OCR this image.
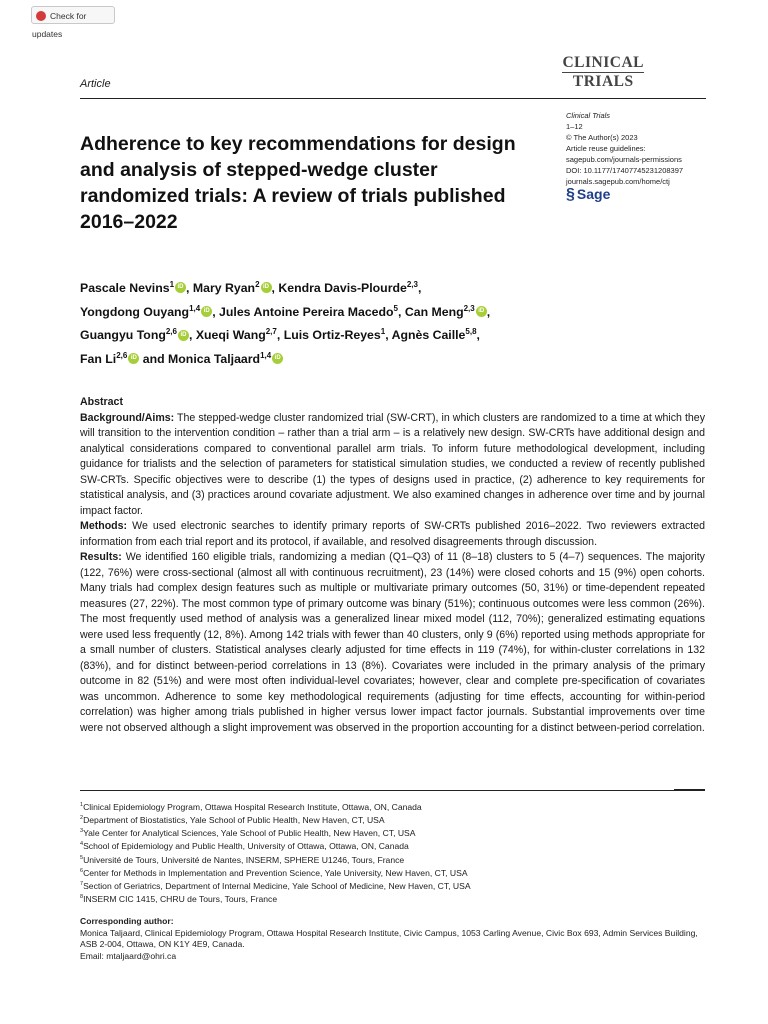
Check for updates
Article
CLINICAL
TRIALS
Clinical Trials
1–12
© The Author(s) 2023
Article reuse guidelines:
sagepub.com/journals-permissions
DOI: 10.1177/17407745231208397
journals.sagepub.com/home/ctj
§ Sage
Adherence to key recommendations for design and analysis of stepped-wedge cluster randomized trials: A review of trials published 2016–2022
Pascale Nevins$^1$ iD , Mary Ryan$^2$ iD , Kendra Davis-Plourde$^{2,3}$,
Yongdong Ouyang$^{1,4}$ iD , Jules Antoine Pereira Macedo$^5$, Can Meng$^{2,3}$ iD ,
Guangyu Tong$^{2,6}$ iD , Xueqi Wang$^{2,7}$, Luis Ortiz-Reyes$^1$, Agnès Caille$^{5,8}$,
Fan Li$^{2,6}$ iD and Monica Taljaard$^{1,4}$ iD

Abstract

Background/Aims: The stepped-wedge cluster randomized trial (SW-CRT), in which clusters are randomized to a time at which they will transition to the intervention condition – rather than a trial arm – is a relatively new design. SW-CRTs have additional design and analytical considerations compared to conventional parallel arm trials. To inform future methodological development, including guidance for trialists and the selection of parameters for statistical simulation studies, we conducted a review of recently published SW-CRTs. Specific objectives were to describe (1) the types of designs used in practice, (2) adherence to key requirements for statistical analysis, and (3) practices around covariate adjustment. We also examined changes in adherence over time and by journal impact factor.

Methods: We used electronic searches to identify primary reports of SW-CRTs published 2016–2022. Two reviewers extracted information from each trial report and its protocol, if available, and resolved disagreements through discussion.

Results: We identified 160 eligible trials, randomizing a median (Q1–Q3) of 11 (8–18) clusters to 5 (4–7) sequences. The majority (122, 76%) were cross-sectional (almost all with continuous recruitment), 23 (14%) were closed cohorts and 15 (9%) open cohorts. Many trials had complex design features such as multiple or multivariate primary outcomes (50, 31%) or time-dependent repeated measures (27, 22%). The most common type of primary outcome was binary (51%); continuous outcomes were less common (26%). The most frequently used method of analysis was a generalized linear mixed model (112, 70%); generalized estimating equations were used less frequently (12, 8%). Among 142 trials with fewer than 40 clusters, only 9 (6%) reported using methods appropriate for a small number of clusters. Statistical analyses clearly adjusted for time effects in 119 (74%), for within-cluster correlations in 132 (83%), and for distinct between-period correlations in 13 (8%). Covariates were included in the primary analysis of the primary outcome in 82 (51%) and were most often individual-level covariates; however, clear and complete pre-specification of covariates was uncommon. Adherence to some key methodological requirements (adjusting for time effects, accounting for within-period correlation) was higher among trials published in higher versus lower impact factor journals. Substantial improvements over time were not observed although a slight improvement was observed in the proportion accounting for a distinct between-period correlation.

$^1$Clinical Epidemiology Program, Ottawa Hospital Research Institute, Ottawa, ON, Canada
$^2$Department of Biostatistics, Yale School of Public Health, New Haven, CT, USA
$^3$Yale Center for Analytical Sciences, Yale School of Public Health, New Haven, CT, USA
$^4$School of Epidemiology and Public Health, University of Ottawa, Ottawa, ON, Canada
$^5$Université de Tours, Université de Nantes, INSERM, SPHERE U1246, Tours, France
$^6$Center for Methods in Implementation and Prevention Science, Yale University, New Haven, CT, USA
$^7$Section of Geriatrics, Department of Internal Medicine, Yale School of Medicine, New Haven, CT, USA
$^8$INSERM CIC 1415, CHRU de Tours, Tours, France
Corresponding author:
Monica Taljaard, Clinical Epidemiology Program, Ottawa Hospital Research Institute, Civic Campus, 1053 Carling Avenue, Civic Box 693, Admin Services Building, ASB 2-004, Ottawa, ON K1Y 4E9, Canada.
Email: mtaljaard@ohri.ca
